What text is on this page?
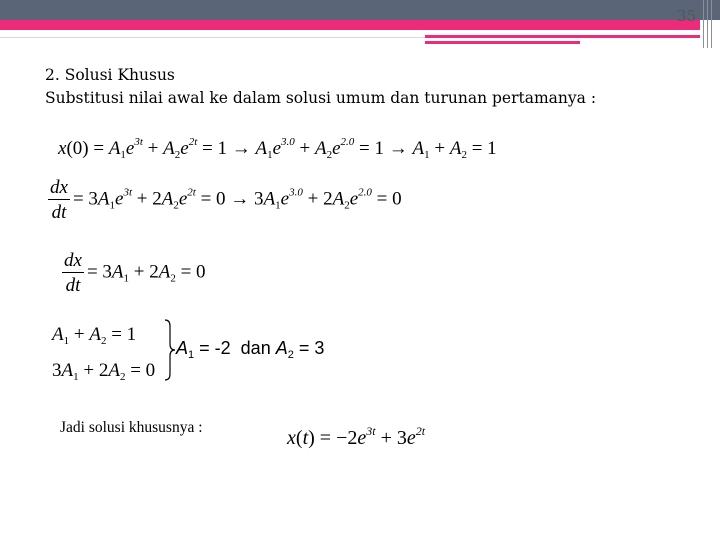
35
2. Solusi Khusus
Substitusi nilai awal ke dalam solusi umum dan turunan pertamanya :
$x(0) = A_1e^{3t} + A_2e^{2t} = 1 \to A_1e^{3.0} + A_2e^{2.0} = 1 \to A_1 + A_2 = 1$
$\frac{dx}{dt} = 3A_1e^{3t} + 2A_2e^{2t} = 0 \to 3A_1e^{3.0} + 2A_2e^{2.0} = 0$
$\frac{dx}{dt} = 3A_1 + 2A_2 = 0$
$A_1 + A_2 = 1$
$3A_1 + 2A_2 = 0$
$A_1 = -2$  dan $A_2 = 3$
Jadi solusi khususnya :	$x(t) = -2e^{3t} + 3e^{2t}$
